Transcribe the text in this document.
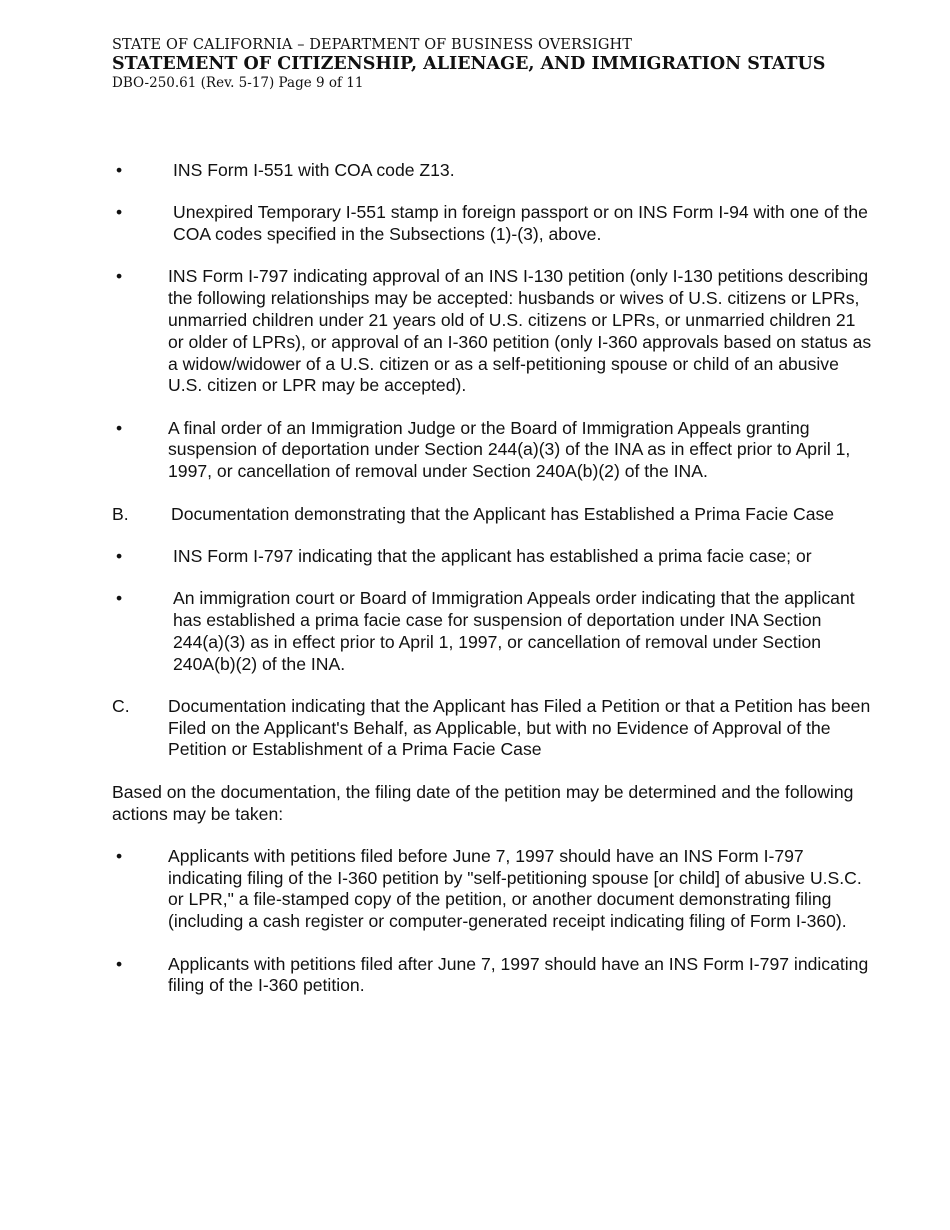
STATE OF CALIFORNIA – DEPARTMENT OF BUSINESS OVERSIGHT
STATEMENT OF CITIZENSHIP, ALIENAGE, AND IMMIGRATION STATUS
DBO-250.61 (Rev. 5-17) Page 9 of 11
•	INS Form I-551 with COA code Z13.
•	Unexpired Temporary I-551 stamp in foreign passport or on INS Form I-94 with one of the COA codes specified in the Subsections (1)-(3), above.
•	INS Form I-797 indicating approval of an INS I-130 petition (only I-130 petitions describing the following relationships may be accepted: husbands or wives of U.S. citizens or LPRs, unmarried children under 21 years old of U.S. citizens or LPRs, or unmarried children 21 or older of LPRs), or approval of an I-360 petition (only I-360 approvals based on status as a widow/widower of a U.S. citizen or as a self-petitioning spouse or child of an abusive U.S. citizen or LPR may be accepted).
•	A final order of an Immigration Judge or the Board of Immigration Appeals granting suspension of deportation under Section 244(a)(3) of the INA as in effect prior to April 1, 1997, or cancellation of removal under Section 240A(b)(2) of the INA.
B.	Documentation demonstrating that the Applicant has Established a Prima Facie Case
•	INS Form I-797 indicating that the applicant has established a prima facie case; or
•	An immigration court or Board of Immigration Appeals order indicating that the applicant has established a prima facie case for suspension of deportation under INA Section 244(a)(3) as in effect prior to April 1, 1997, or cancellation of removal under Section 240A(b)(2) of the INA.
C.	Documentation indicating that the Applicant has Filed a Petition or that a Petition has been Filed on the Applicant's Behalf, as Applicable, but with no Evidence of Approval of the Petition or Establishment of a Prima Facie Case
Based on the documentation, the filing date of the petition may be determined and the following actions may be taken:
•	Applicants with petitions filed before June 7, 1997 should have an INS Form I-797 indicating filing of the I-360 petition by "self-petitioning spouse [or child] of abusive U.S.C. or LPR," a file-stamped copy of the petition, or another document demonstrating filing (including a cash register or computer-generated receipt indicating filing of Form I-360).
•	Applicants with petitions filed after June 7, 1997 should have an INS Form I-797 indicating filing of the I-360 petition.
